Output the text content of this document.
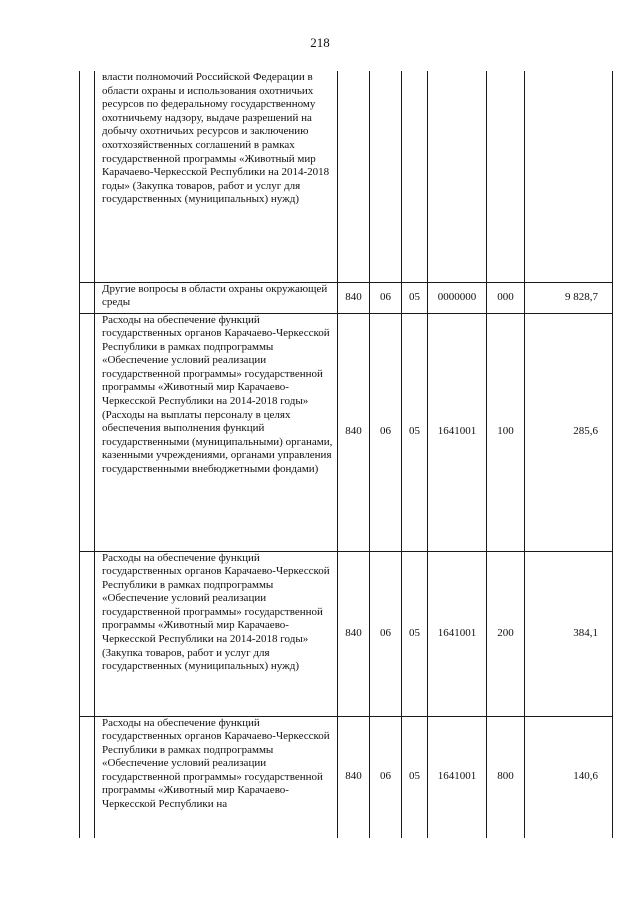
218
	власти полномочий Российской Федерации в области охраны и использования охотничьих ресурсов по федеральному государственному охотничьему надзору, выдаче разрешений на добычу охотничьих ресурсов и заключению охотхозяйственных соглашений в рамках государственной программы «Животный мир Карачаево-Черкесской Республики на 2014-2018 годы» (Закупка товаров, работ и услуг для государственных (муниципальных) нужд)						
	Другие вопросы в области охраны окружающей среды	840	06	05	0000000	000	9 828,7
	Расходы на обеспечение функций государственных органов Карачаево-Черкесской Республики в рамках подпрограммы «Обеспечение условий реализации государственной программы» государственной программы «Животный мир Карачаево-Черкесской Республики на 2014-2018 годы» (Расходы на выплаты персоналу в целях обеспечения выполнения функций государственными (муниципальными) органами, казенными учреждениями, органами управления государственными внебюджетными фондами)	840	06	05	1641001	100	285,6
	Расходы на обеспечение функций государственных органов Карачаево-Черкесской Республики в рамках подпрограммы «Обеспечение условий реализации государственной программы» государственной программы «Животный мир Карачаево-Черкесской Республики на 2014-2018 годы» (Закупка товаров, работ и услуг для государственных (муниципальных) нужд)	840	06	05	1641001	200	384,1
	Расходы на обеспечение функций государственных органов Карачаево-Черкесской Республики в рамках подпрограммы «Обеспечение условий реализации государственной программы» государственной программы «Животный мир Карачаево-Черкесской Республики на	840	06	05	1641001	800	140,6
